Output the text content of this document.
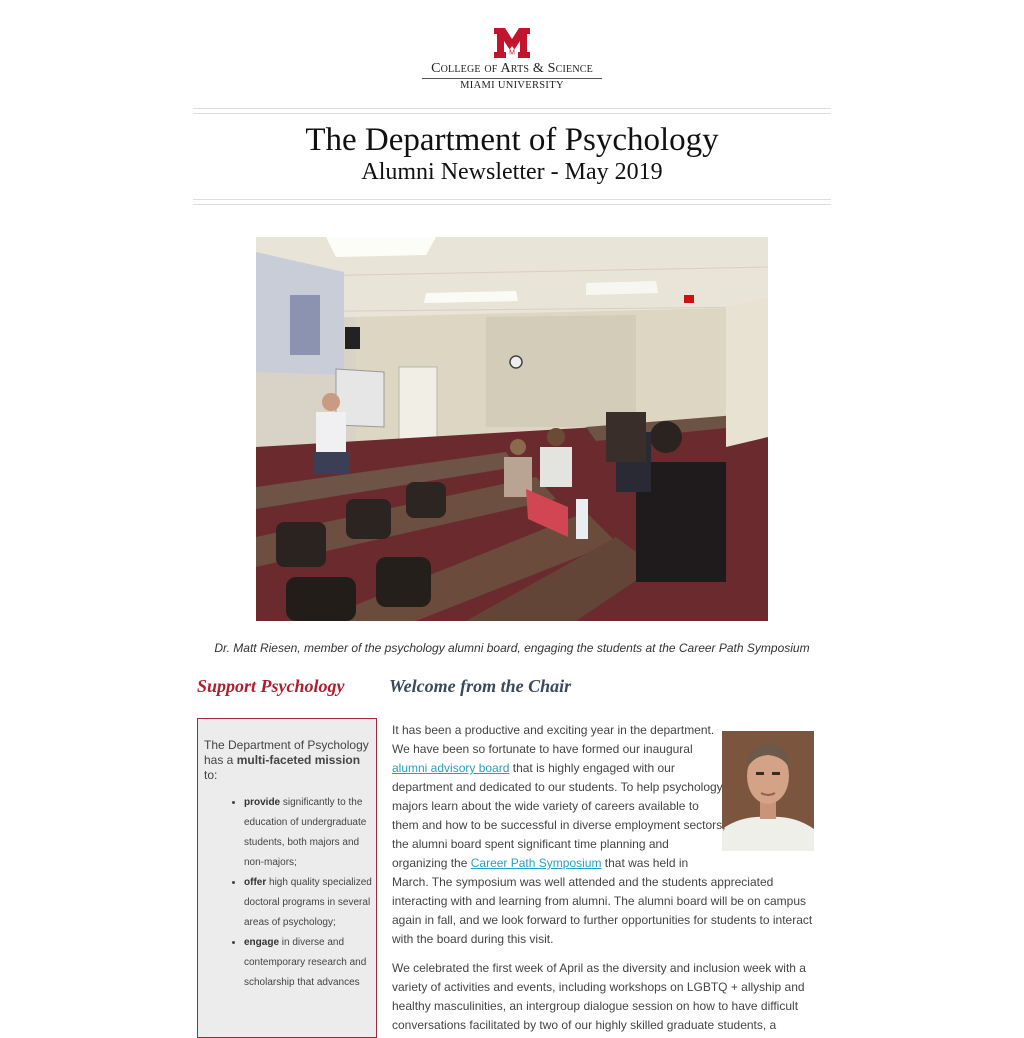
M
College of Arts & Science
MIAMI UNIVERSITY
The Department of Psychology
Alumni Newsletter - May 2019
Dr. Matt Riesen, member of the psychology alumni board, engaging the students at the Career Path Symposium
Support Psychology Welcome from the Chair
The Department of Psychology has a multi-faceted mission to:
• provide significantly to the education of undergraduate students, both majors and non-majors;
• offer high quality specialized doctoral programs in several areas of psychology;
• engage in diverse and contemporary research and scholarship that advances
It has been a productive and exciting year in the department. We have been so fortunate to have formed our inaugural alumni advisory board that is highly engaged with our department and dedicated to our students. To help psychology majors learn about the wide variety of careers available to them and how to be successful in diverse employment sectors, the alumni board spent significant time planning and organizing the Career Path Symposium that was held in March. The symposium was well attended and the students appreciated interacting with and learning from alumni. The alumni board will be on campus again in fall, and we look forward to further opportunities for students to interact with the board during this visit.
We celebrated the first week of April as the diversity and inclusion week with a variety of activities and events, including workshops on LGBTQ + allyship and healthy masculinities, an intergroup dialogue session on how to have difficult conversations facilitated by two of our highly skilled graduate students, a
